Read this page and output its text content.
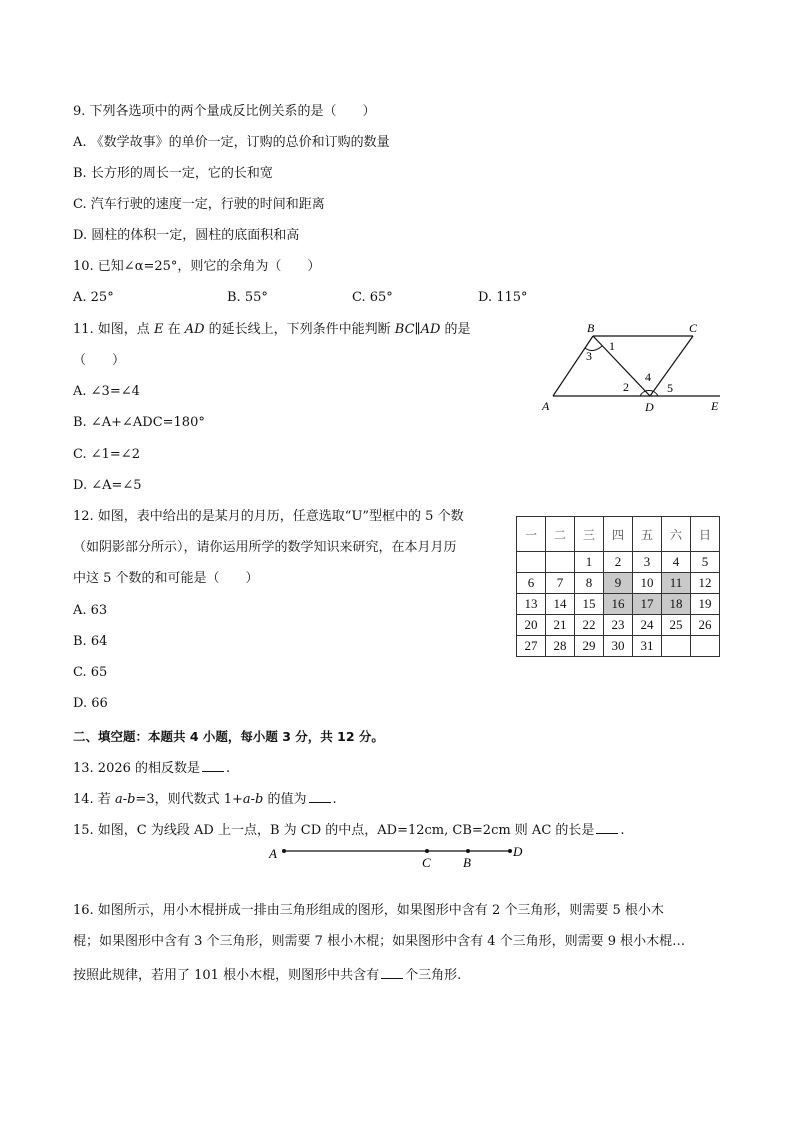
9. 下列各选项中的两个量成反比例关系的是（　　）
A. 《数学故事》的单价一定，订购的总价和订购的数量
B. 长方形的周长一定，它的长和宽
C. 汽车行驶的速度一定，行驶的时间和距离
D. 圆柱的体积一定，圆柱的底面积和高
10. 已知∠α=25°，则它的余角为（　　）
A. 25°	B. 55°	C. 65°	D. 115°
11. 如图，点 E 在 AD 的延长线上，下列条件中能判断 BC∥AD 的是
（　　）
A. ∠3=∠4
B. ∠A+∠ADC=180°
C. ∠1=∠2
D. ∠A=∠5
B	C
A	D	E
1
2
3
4
5
12. 如图，表中给出的是某月的月历，任意选取“U”型框中的 5 个数
（如阴影部分所示），请你运用所学的数学知识来研究，在本月月历
中这 5 个数的和可能是（　　）
A. 63
B. 64
C. 65
D. 66
一	二	三	四	五	六	日
		1	2	3	4	5
6	7	8	9	10	11	12
13	14	15	16	17	18	19
20	21	22	23	24	25	26
27	28	29	30	31		
二、填空题：本题共 4 小题，每小题 3 分，共 12 分。
13. 2026 的相反数是 .
14. 若 a-b=3，则代数式 1+a-b 的值为 .
15. 如图，C 为线段 AD 上一点，B 为 CD 的中点，AD=12cm, CB=2cm 则 AC 的长是 .
A
C B
D
16. 如图所示，用小木棍拼成一排由三角形组成的图形，如果图形中含有 2 个三角形，则需要 5 根小木
棍；如果图形中含有 3 个三角形，则需要 7 根小木棍；如果图形中含有 4 个三角形，则需要 9 根小木棍…
按照此规律，若用了 101 根小木棍，则图形中共含有 个三角形.
